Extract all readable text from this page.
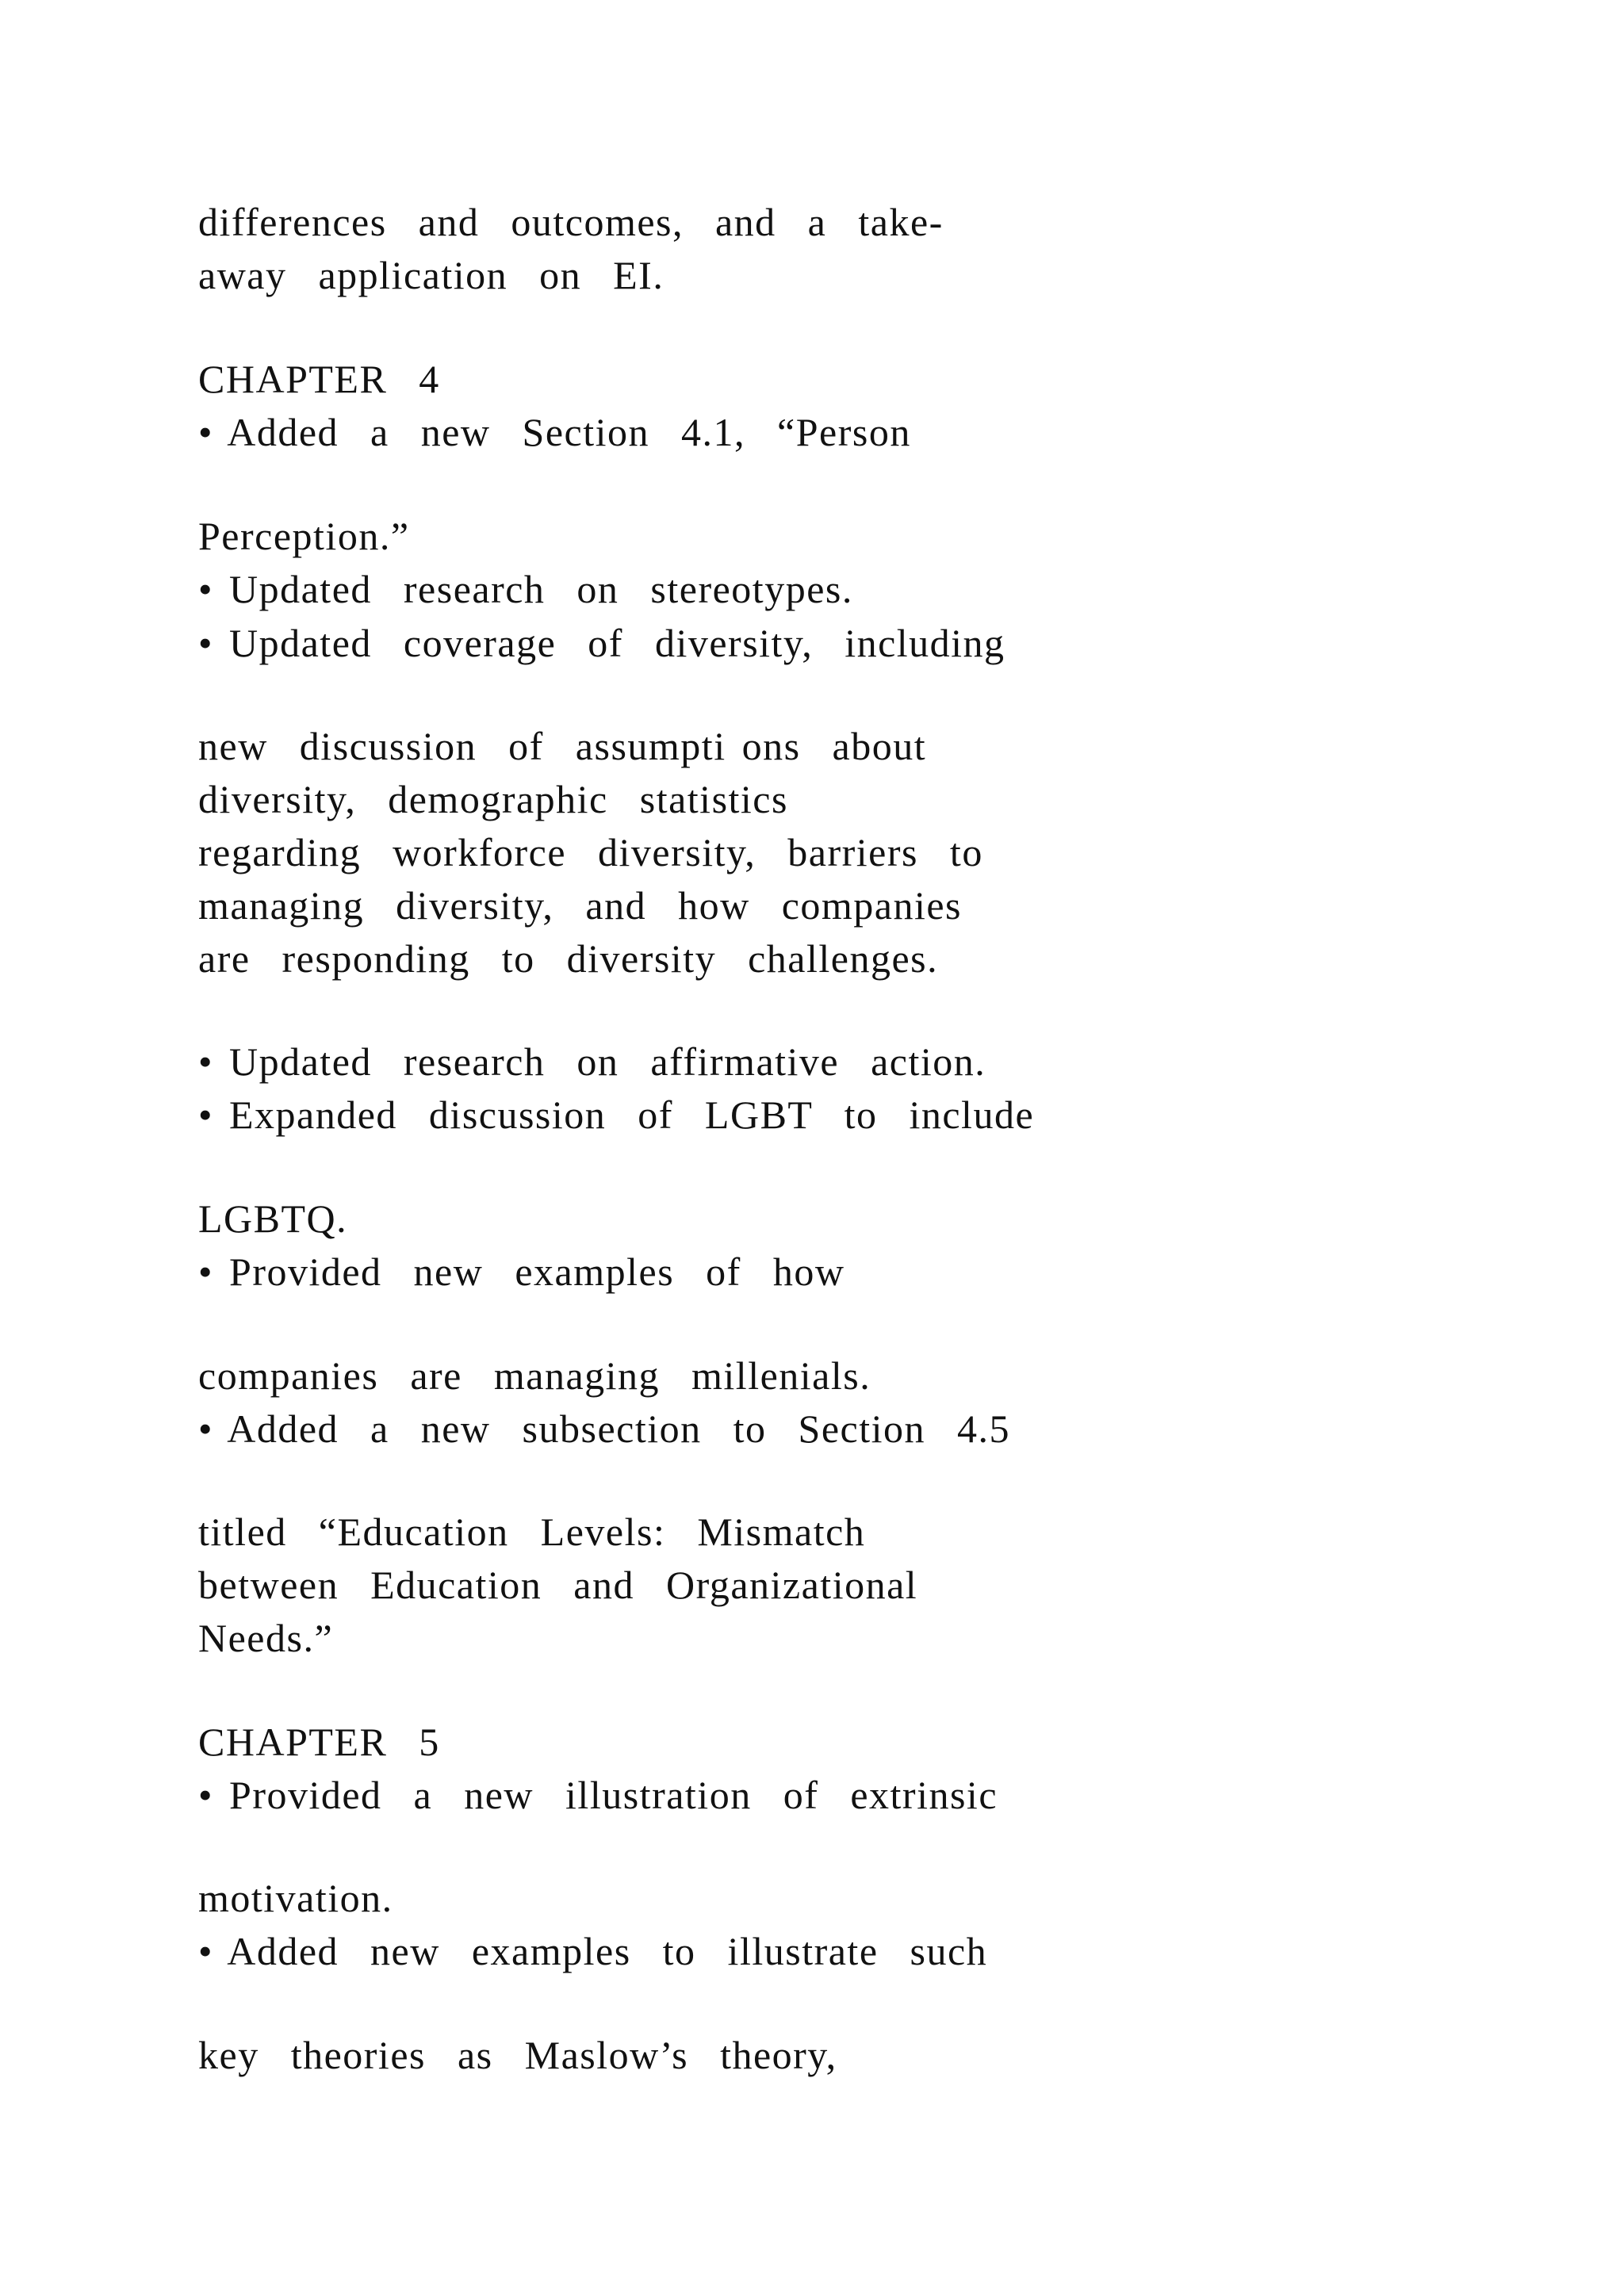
differences  and  outcomes,  and  a  take-
away  application  on  EI.
CHAPTER  4
• Added  a  new  Section  4.1,  “Person
Perception.”
• Updated  research  on  stereotypes.
• Updated  coverage  of  diversity,  including
new  discussion  of  assumpti ons  about
diversity,  demographic  statistics
regarding  workforce  diversity,  barriers  to
managing  diversity,  and  how  companies
are  responding  to  diversity  challenges.
• Updated  research  on  affirmative  action.
• Expanded  discussion  of  LGBT  to  include
LGBTQ.
• Provided  new  examples  of  how
companies  are  managing  millenials.
• Added  a  new  subsection  to  Section  4.5
titled  “Education  Levels:  Mismatch
between  Education  and  Organizational
Needs.”
CHAPTER  5
• Provided  a  new  illustration  of  extrinsic
motivation.
• Added  new  examples  to  illustrate  such
key  theories  as  Maslow’s  theory,
